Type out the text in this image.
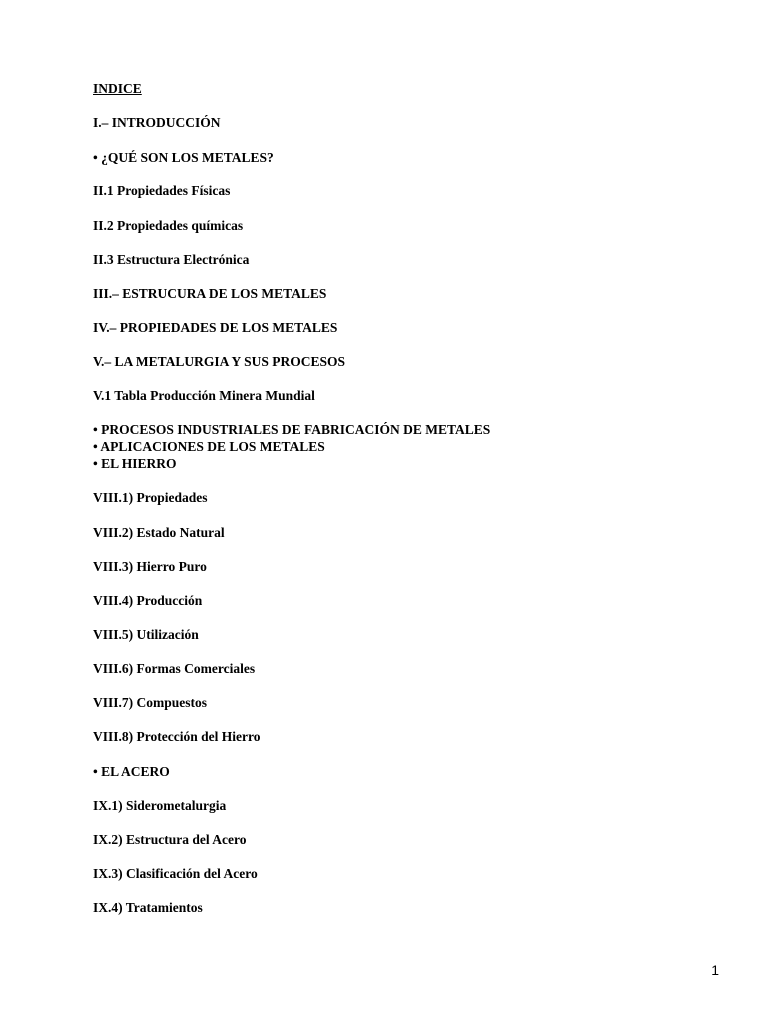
INDICE
I.– INTRODUCCIÓN
• ¿QUÉ SON LOS METALES?
II.1 Propiedades Físicas
II.2 Propiedades químicas
II.3 Estructura Electrónica
III.– ESTRUCURA DE LOS METALES
IV.– PROPIEDADES DE LOS METALES
V.– LA METALURGIA Y SUS PROCESOS
V.1 Tabla Producción Minera Mundial
• PROCESOS INDUSTRIALES DE FABRICACIÓN DE METALES
• APLICACIONES DE LOS METALES
• EL HIERRO
VIII.1) Propiedades
VIII.2) Estado Natural
VIII.3) Hierro Puro
VIII.4) Producción
VIII.5) Utilización
VIII.6) Formas Comerciales
VIII.7) Compuestos
VIII.8) Protección del Hierro
• EL ACERO
IX.1) Siderometalurgia
IX.2) Estructura del Acero
IX.3) Clasificación del Acero
IX.4) Tratamientos
1
